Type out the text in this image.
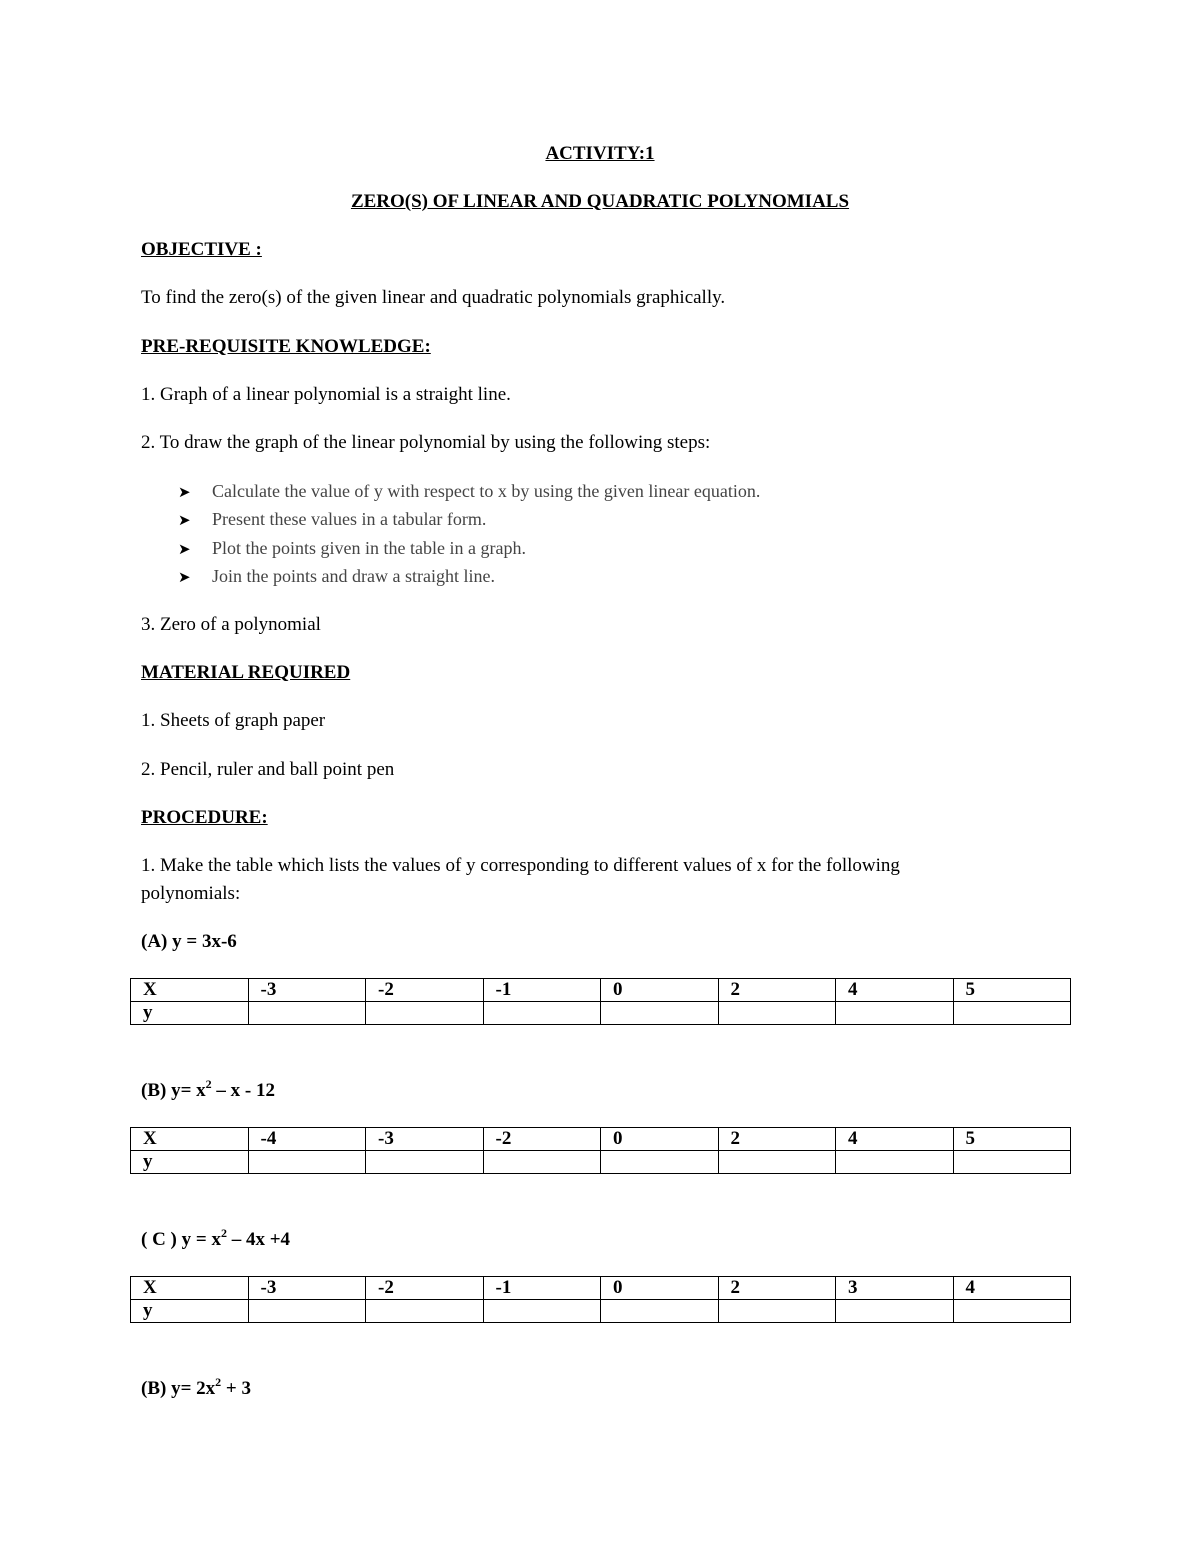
ACTIVITY:1

ZERO(S) OF LINEAR AND QUADRATIC POLYNOMIALS

OBJECTIVE :

To find the zero(s) of the given linear and quadratic polynomials graphically.

PRE-REQUISITE KNOWLEDGE:

1. Graph of a linear polynomial is a straight line.

2. To draw the graph of the linear polynomial by using the following steps:

➤ Calculate the value of y with respect to x by using the given linear equation.
➤ Present these values in a tabular form.
➤ Plot the points given in the table in a graph.
➤ Join the points and draw a straight line.

3. Zero of a polynomial

MATERIAL REQUIRED

1. Sheets of graph paper

2. Pencil, ruler and ball point pen

PROCEDURE:

1. Make the table which lists the values of y corresponding to different values of x for the following

polynomials:

(A) y = 3x-6

X	-3	-2	-1	0	2	4	5
y							

(B) $y= x^2 - x - 12$

X	-4	-3	-2	0	2	4	5
y							

( C ) $y = x^2 - 4x +4$

X	-3	-2	-1	0	2	3	4
y							

(B) $y= 2x^2 + 3$
